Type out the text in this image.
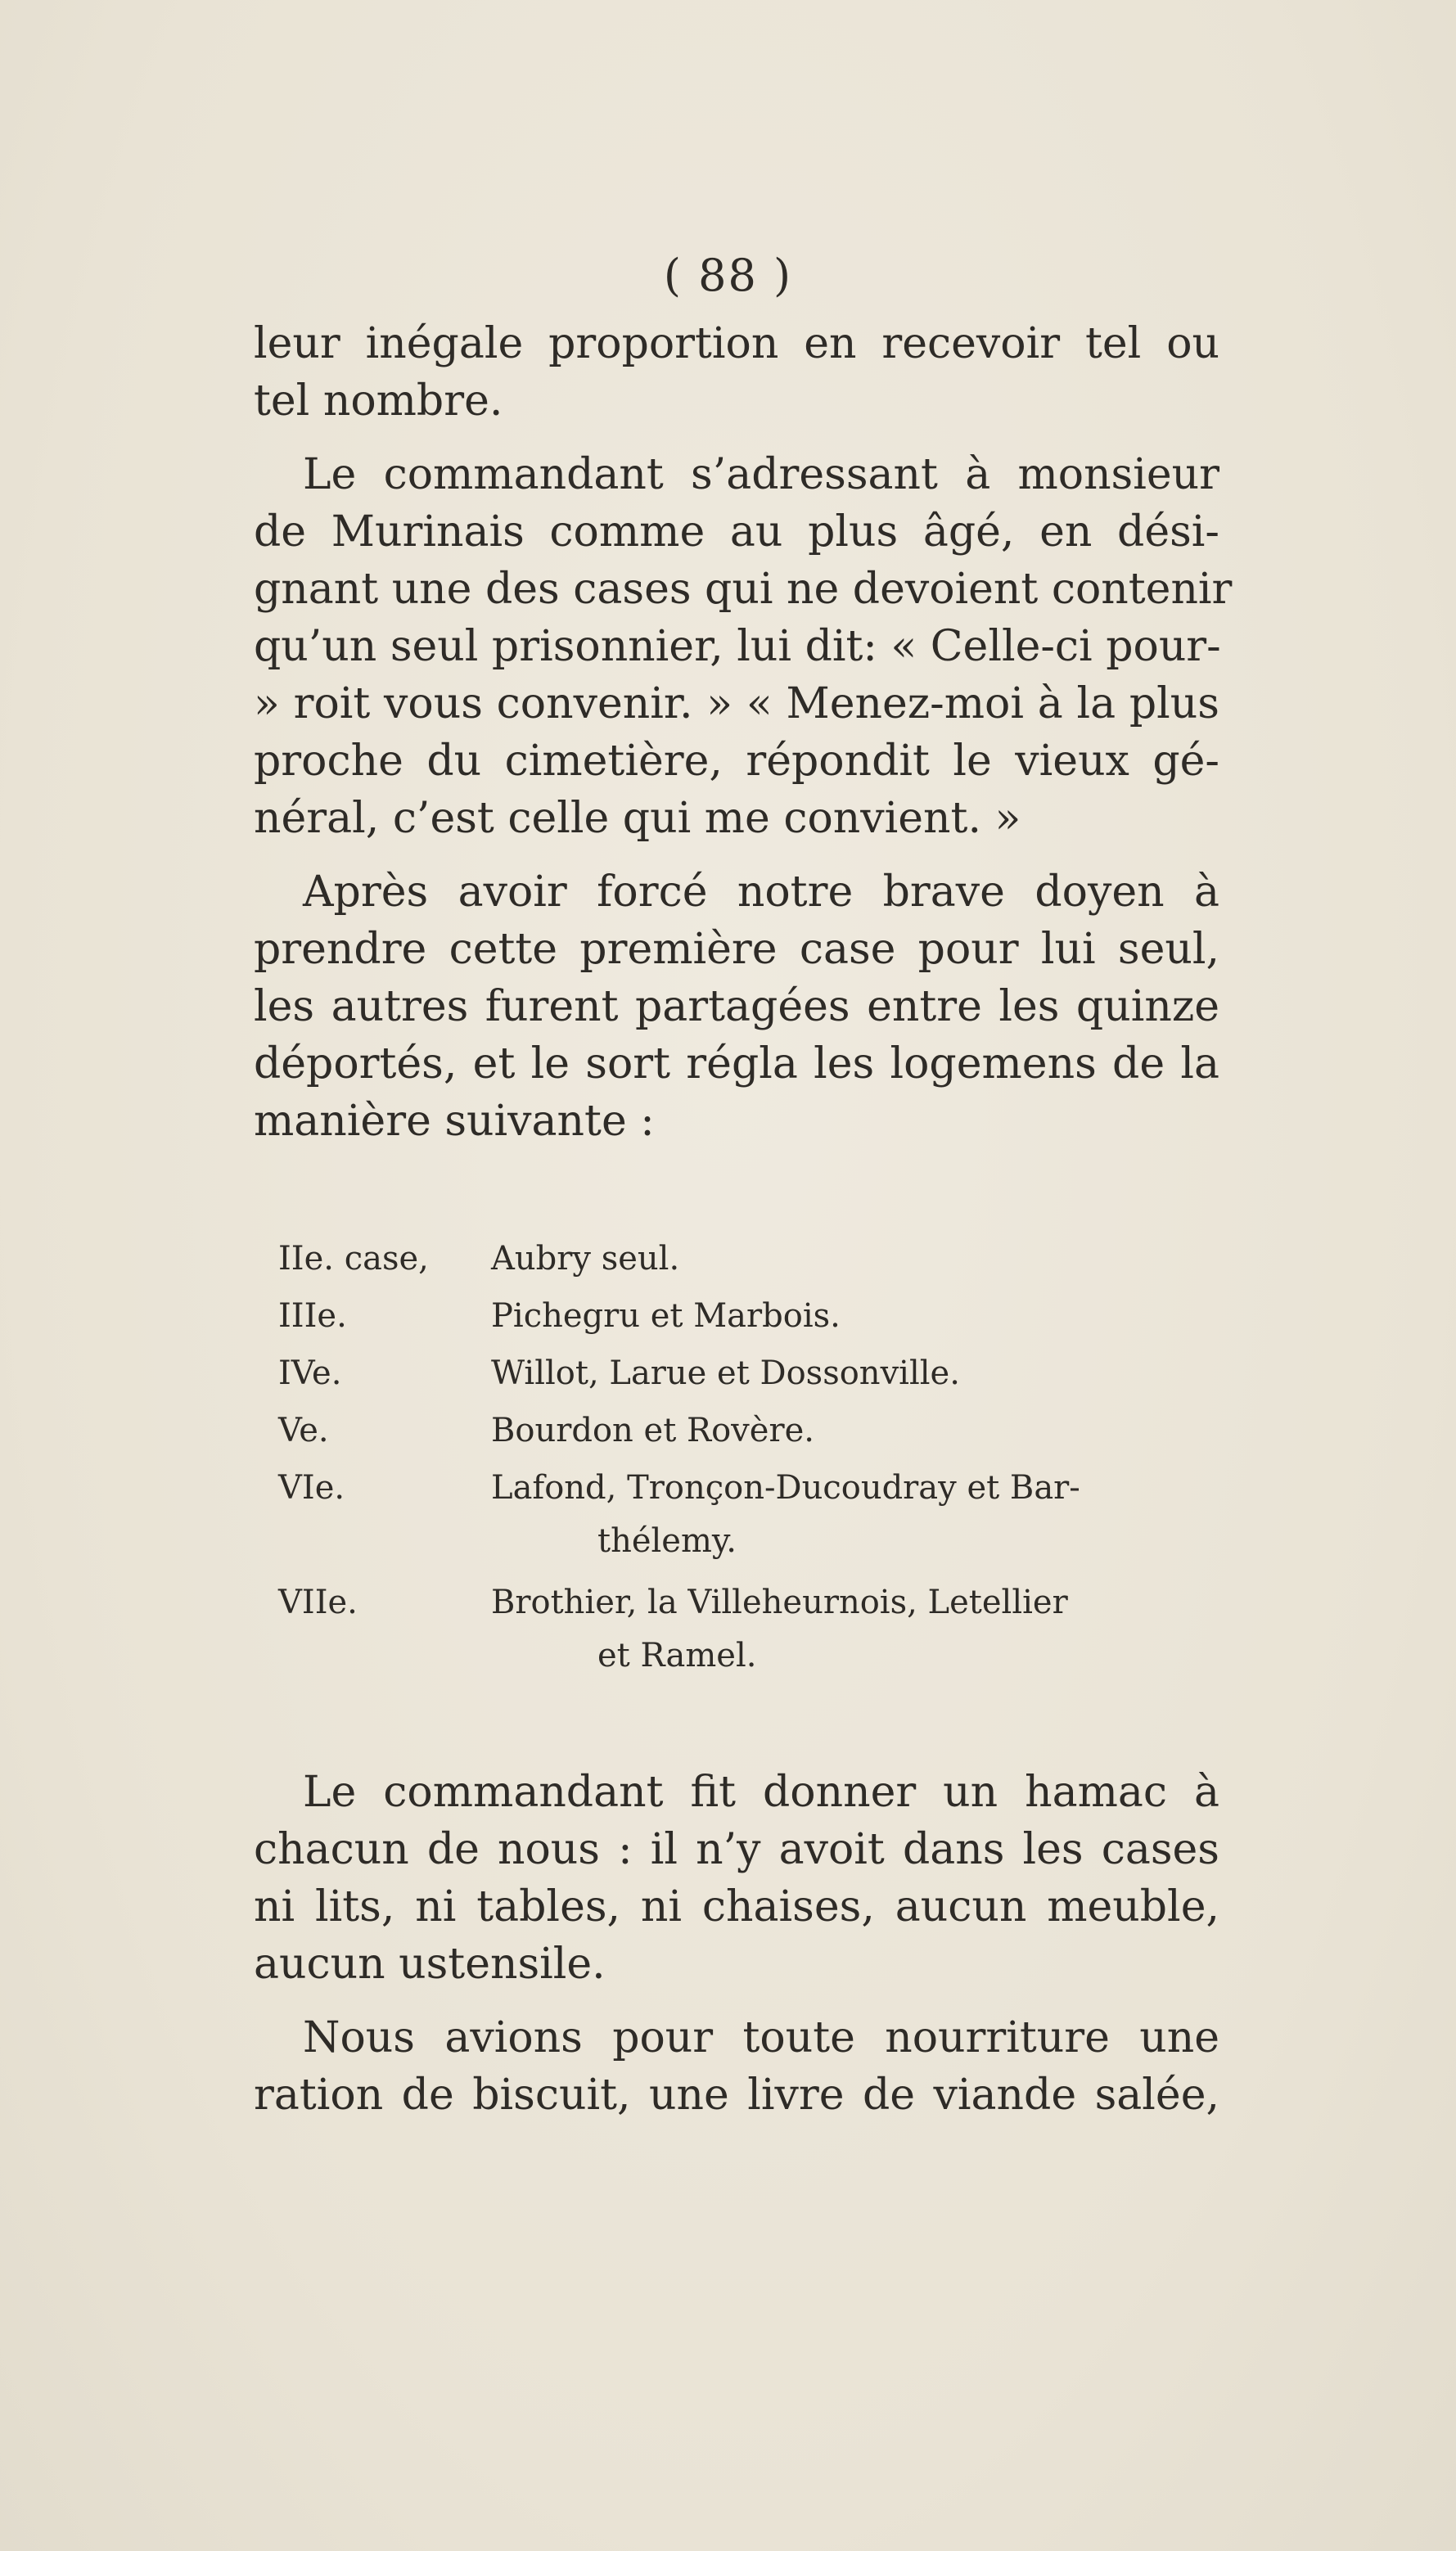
( 88 )
leur inégale proportion en recevoir tel ou
tel nombre.
Le commandant s’adressant à monsieur
de Murinais comme au plus âgé, en dési-
gnant une des cases qui ne devoient contenir
qu’un seul prisonnier, lui dit: « Celle-ci pour-
» roit vous convenir. » « Menez-moi à la plus
proche du cimetière, répondit le vieux gé-
néral, c’est celle qui me convient. »
Après avoir forcé notre brave doyen à
prendre cette première case pour lui seul,
les autres furent partagées entre les quinze
déportés, et le sort régla les logemens de la
manière suivante :
IIe. case, Aubry seul.
IIIe.	Pichegru et Marbois.
IVe.	Willot, Larue et Dossonville.
Ve.	Bourdon et Rovère.
VIe.	Lafond, Tronçon-Ducoudray et Bar-
thélemy.
VIIe.	Brothier, la Villeheurnois, Letellier
et Ramel.
Le commandant fit donner un hamac à
chacun de nous : il n’y avoit dans les cases
ni lits, ni tables, ni chaises, aucun meuble,
aucun ustensile.
Nous avions pour toute nourriture une
ration de biscuit, une livre de viande salée,
